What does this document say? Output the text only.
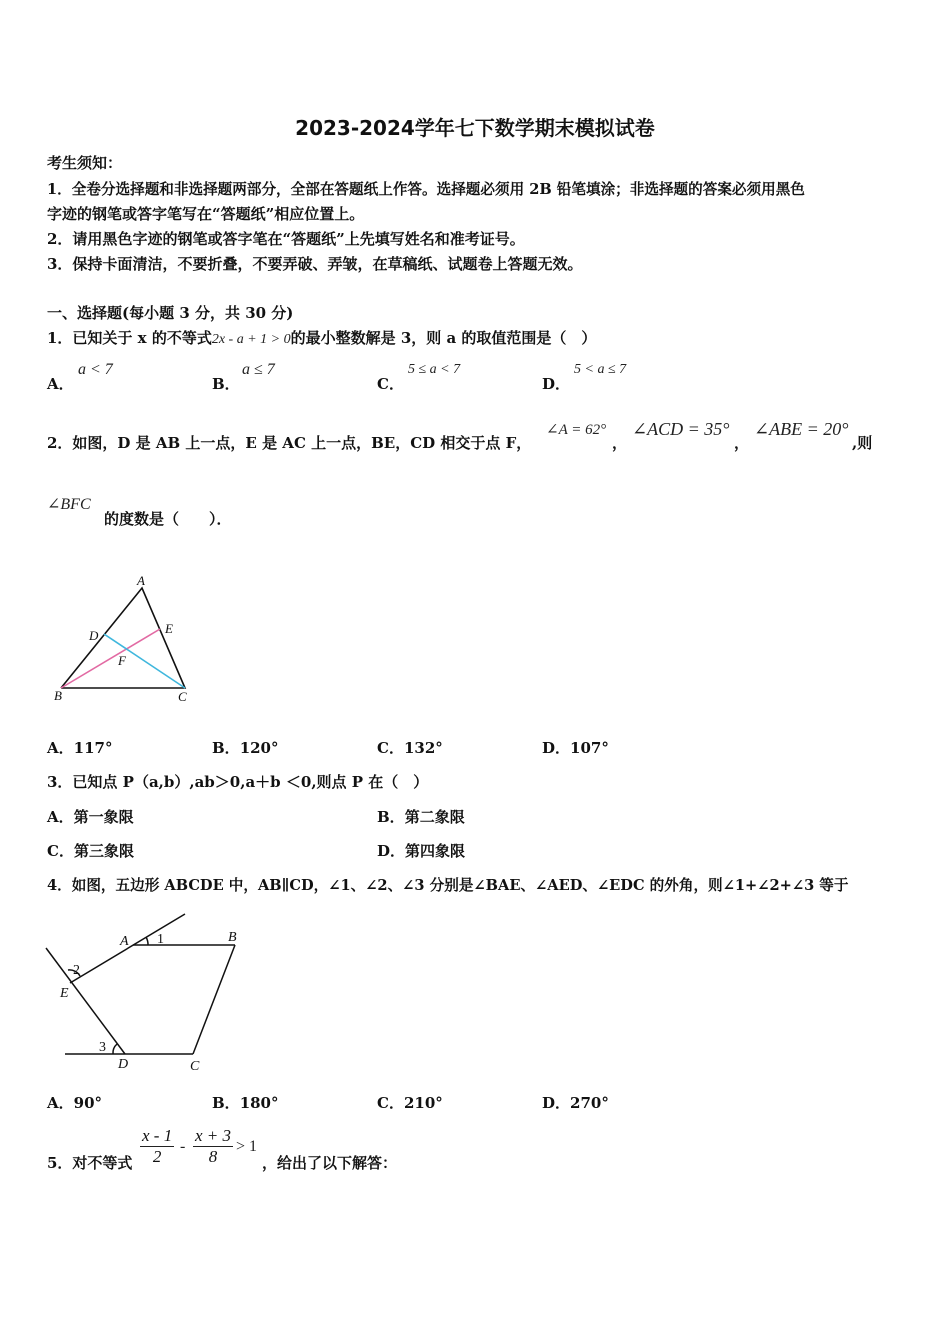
2023-2024学年七下数学期末模拟试卷
考生须知：
1．全卷分选择题和非选择题两部分，全部在答题纸上作答。选择题必须用 2B 铅笔填涂；非选择题的答案必须用黑色
字迹的钢笔或答字笔写在“答题纸”相应位置上。
2．请用黑色字迹的钢笔或答字笔在“答题纸”上先填写姓名和准考证号。
3．保持卡面清洁，不要折叠，不要弄破、弄皱，在草稿纸、试题卷上答题无效。
一、选择题(每小题 3 分，共 30 分)
1．已知关于 x 的不等式2x - a + 1 > 0的最小整数解是 3，则 a 的取值范围是（　）
A．
a < 7
B．
a ≤ 7
C．
5 ≤ a < 7
D．
5 < a ≤ 7
2．如图，D 是 AB 上一点，E 是 AC 上一点，BE，CD 相交于点 F，
∠A = 62°
，
∠ACD = 35°
，
∠ABE = 20°
,则
∠BFC
的度数是（　　）．
A
B	C
D	E
F
A．117°	B．120°	C．132°	D．107°
3．已知点 P（a,b）,ab＞0,a＋b ＜0,则点 P 在（　）
A．第一象限	B．第二象限
C．第三象限	D．第四象限
4．如图，五边形 ABCDE 中，AB∥CD，∠1、∠2、∠3 分别是∠BAE、∠AED、∠EDC 的外角，则∠1+∠2+∠3 等于
A	B
C
D
E
1
2
3
A．90°	B．180°	C．210°	D．270°
5．对不等式 $\frac{x - 1}{2} - \frac{x + 3}{8} > 1$
，给出了以下解答：
